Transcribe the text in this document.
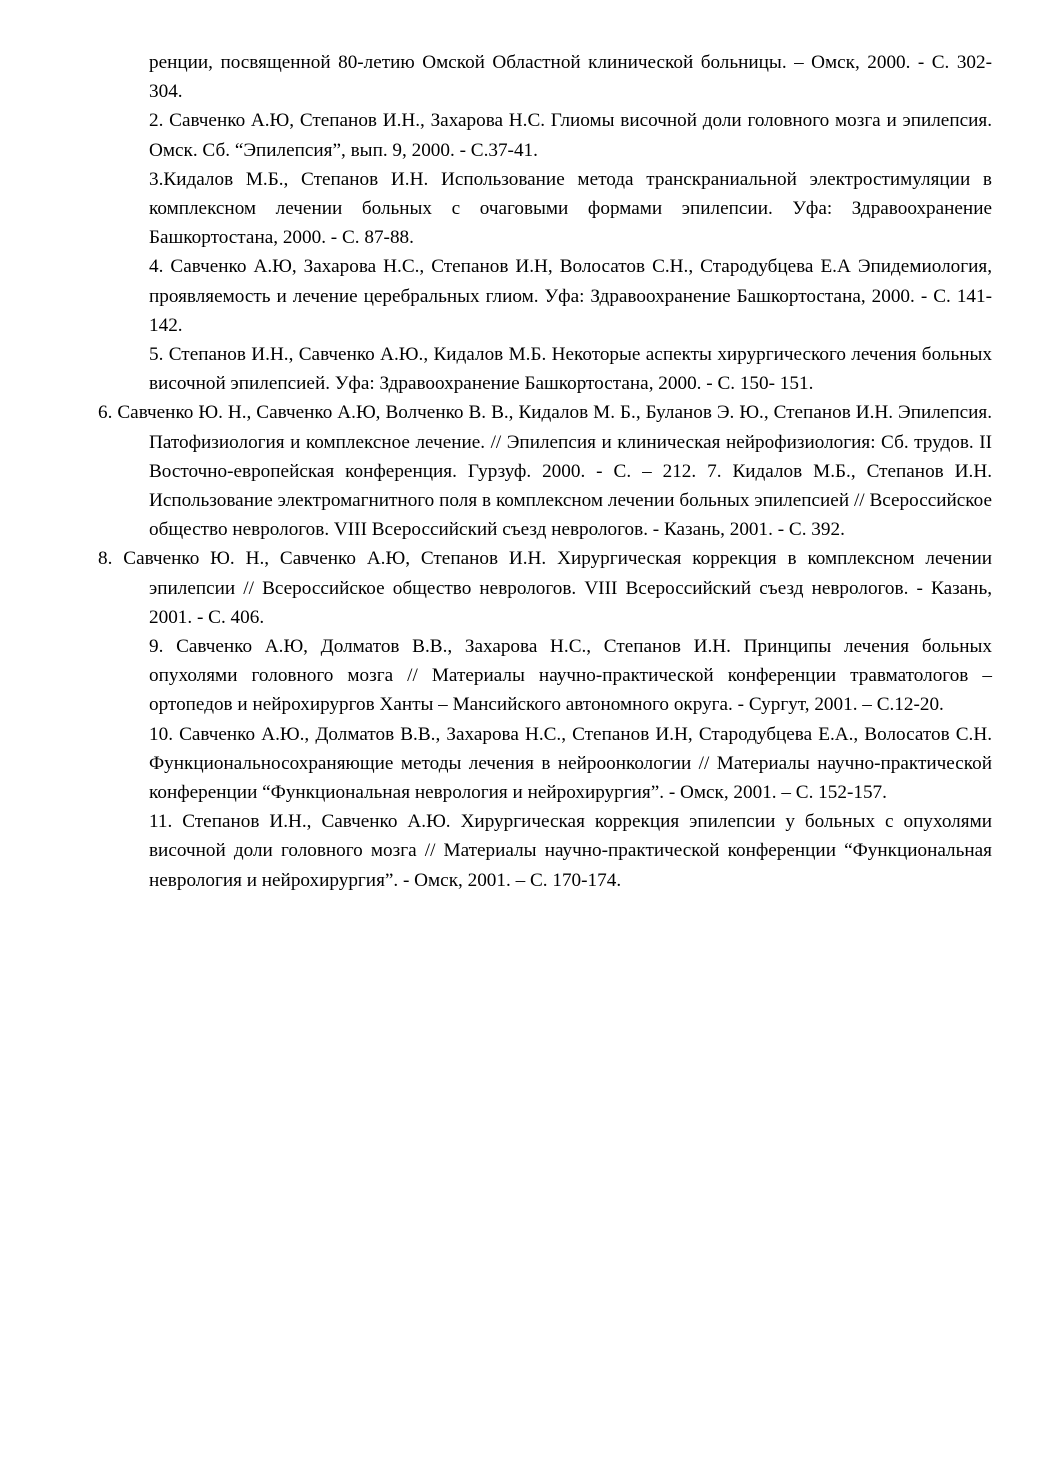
ренции, посвященной 80-летию Омской Областной клинической больницы. – Омск, 2000. - С. 302-304.

2. Савченко А.Ю, Степанов И.Н., Захарова Н.С. Глиомы височной доли головного мозга и эпилепсия. Омск. Сб. “Эпилепсия”, вып. 9, 2000. - С.37-41.

3.Кидалов М.Б., Степанов И.Н. Использование метода транскраниальной электростимуляции в комплексном лечении больных с очаговыми формами эпилепсии. Уфа: Здравоохранение Башкортостана, 2000. - С. 87-88.

4. Савченко А.Ю, Захарова Н.С., Степанов И.Н, Волосатов С.Н., Стародубцева Е.А Эпидемиология, проявляемость и лечение церебральных глиом. Уфа: Здравоохранение Башкортостана, 2000. - С. 141- 142.

5. Степанов И.Н., Савченко А.Ю., Кидалов М.Б. Некоторые аспекты хирургического лечения больных височной эпилепсией. Уфа: Здравоохранение Башкортостана, 2000. - С. 150- 151.

6. Савченко Ю. Н., Савченко А.Ю, Волченко В. В., Кидалов М. Б., Буланов Э. Ю., Степанов И.Н. Эпилепсия. Патофизиология и комплексное лечение. // Эпилепсия и клиническая нейрофизиология: Сб. трудов. II Восточно-европейская конференция. Гурзуф. 2000. - С. – 212. 7. Кидалов М.Б., Степанов И.Н. Использование электромагнитного поля в комплексном лечении больных эпилепсией // Всероссийское общество неврологов. VIII Всероссийский съезд неврологов. - Казань, 2001. - С. 392.

8. Савченко Ю. Н., Савченко А.Ю, Степанов И.Н. Хирургическая коррекция в комплексном лечении эпилепсии // Всероссийское общество неврологов. VIII Всероссийский съезд неврологов. - Казань, 2001. - С. 406.

9. Савченко А.Ю, Долматов В.В., Захарова Н.С., Степанов И.Н. Принципы лечения больных опухолями головного мозга // Материалы научно-практической конференции травматологов – ортопедов и нейрохирургов Ханты – Мансийского автономного округа. - Сургут, 2001. – С.12-20.

10. Савченко А.Ю., Долматов В.В., Захарова Н.С., Степанов И.Н, Стародубцева Е.А., Волосатов С.Н. Функциональносохраняющие методы лечения в нейроонкологии // Материалы научно-практической конференции “Функциональная неврология и нейрохирургия”. - Омск, 2001. – С. 152-157.

11. Степанов И.Н., Савченко А.Ю. Хирургическая коррекция эпилепсии у больных с опухолями височной доли головного мозга // Материалы научно-практической конференции “Функциональная неврология и нейрохирургия”. - Омск, 2001. – С. 170-174.
